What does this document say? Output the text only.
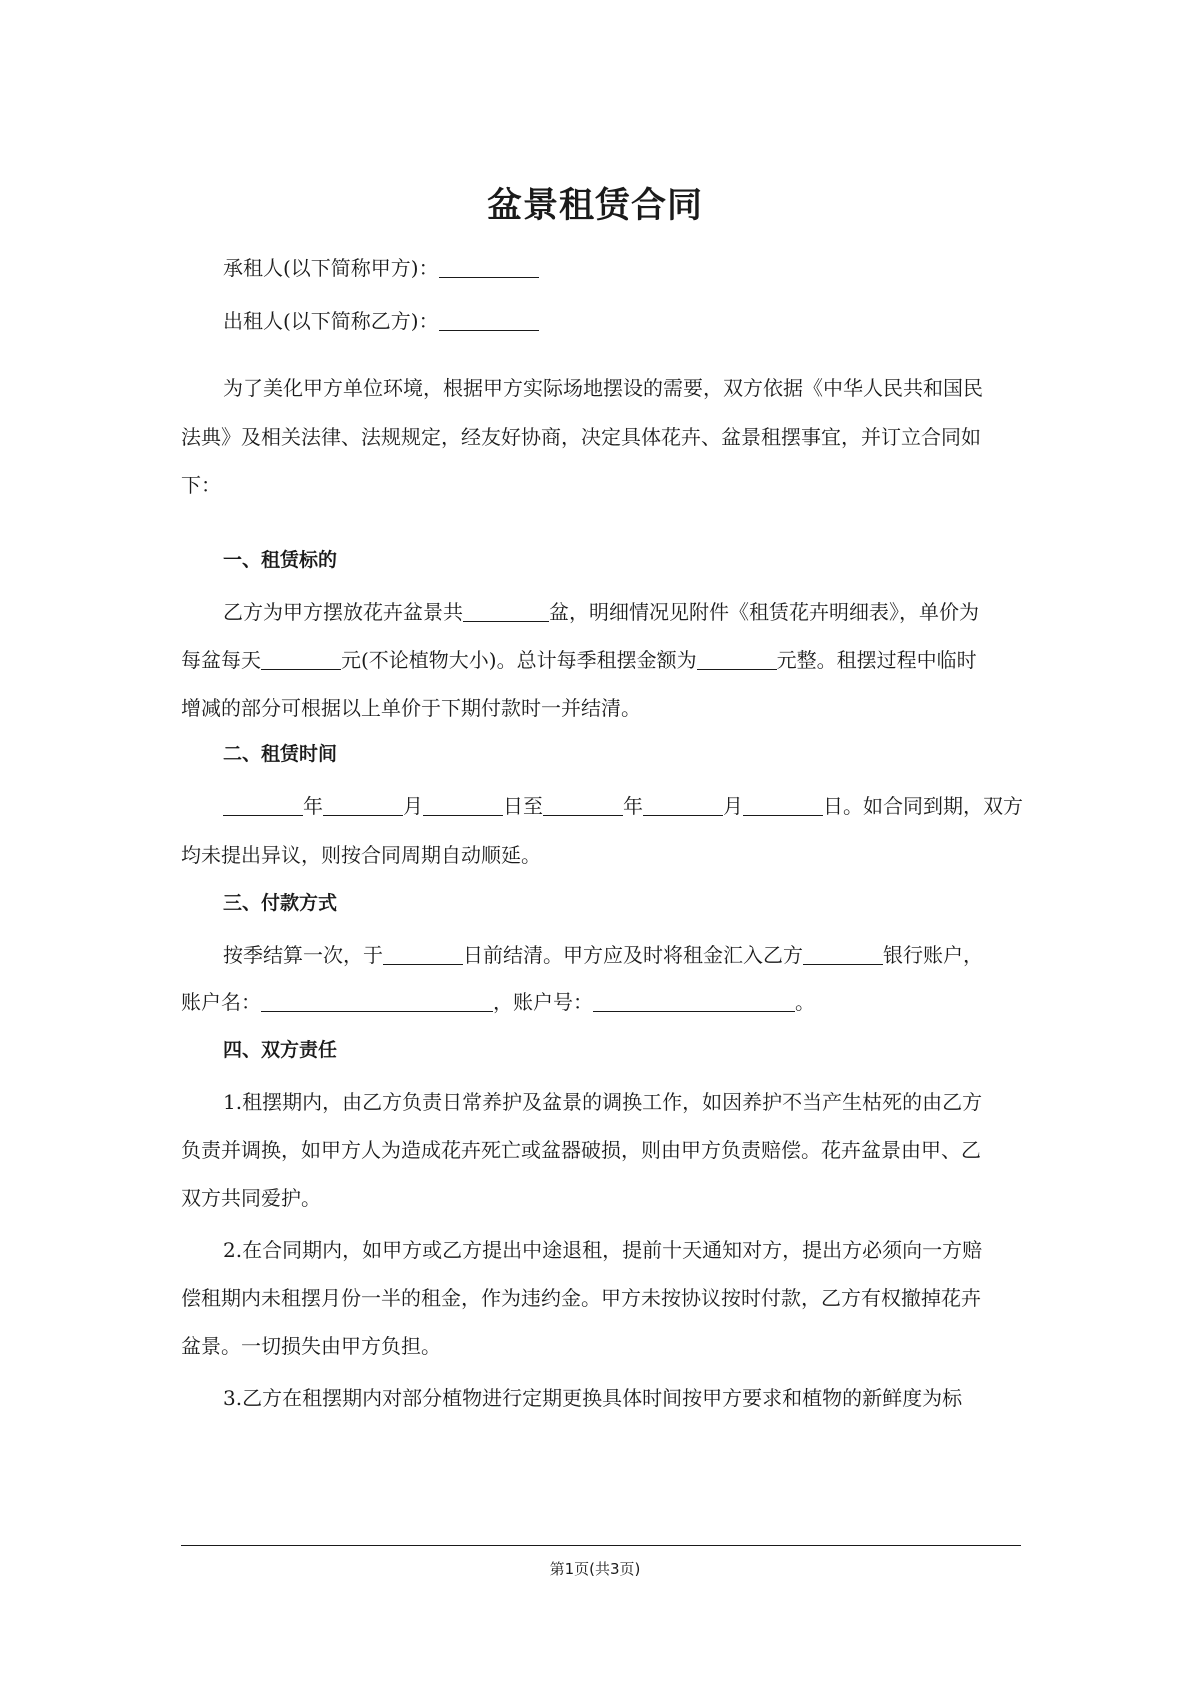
盆景租赁合同
承租人(以下简称甲方)：
出租人(以下简称乙方)：
为了美化甲方单位环境，根据甲方实际场地摆设的需要，双方依据《中华人民共和国民
法典》及相关法律、法规规定，经友好协商，决定具体花卉、盆景租摆事宜，并订立合同如
下：
一、租赁标的
乙方为甲方摆放花卉盆景共	盆，明细情况见附件《租赁花卉明细表》，单价为
每盆每天	元(不论植物大小)。总计每季租摆金额为	元整。租摆过程中临时
增减的部分可根据以上单价于下期付款时一并结清。
二、租赁时间
年	月	日至	年	月	日。如合同到期，双方
均未提出异议，则按合同周期自动顺延。
三、付款方式
按季结算一次，于	日前结清。甲方应及时将租金汇入乙方	银行账户，
账户名：	，账户号：	。
四、双方责任
1.租摆期内，由乙方负责日常养护及盆景的调换工作，如因养护不当产生枯死的由乙方
负责并调换，如甲方人为造成花卉死亡或盆器破损，则由甲方负责赔偿。花卉盆景由甲、乙
双方共同爱护。
2.在合同期内，如甲方或乙方提出中途退租，提前十天通知对方，提出方必须向一方赔
偿租期内未租摆月份一半的租金，作为违约金。甲方未按协议按时付款，乙方有权撤掉花卉
盆景。一切损失由甲方负担。
3.乙方在租摆期内对部分植物进行定期更换具体时间按甲方要求和植物的新鲜度为标
第1页(共3页)
